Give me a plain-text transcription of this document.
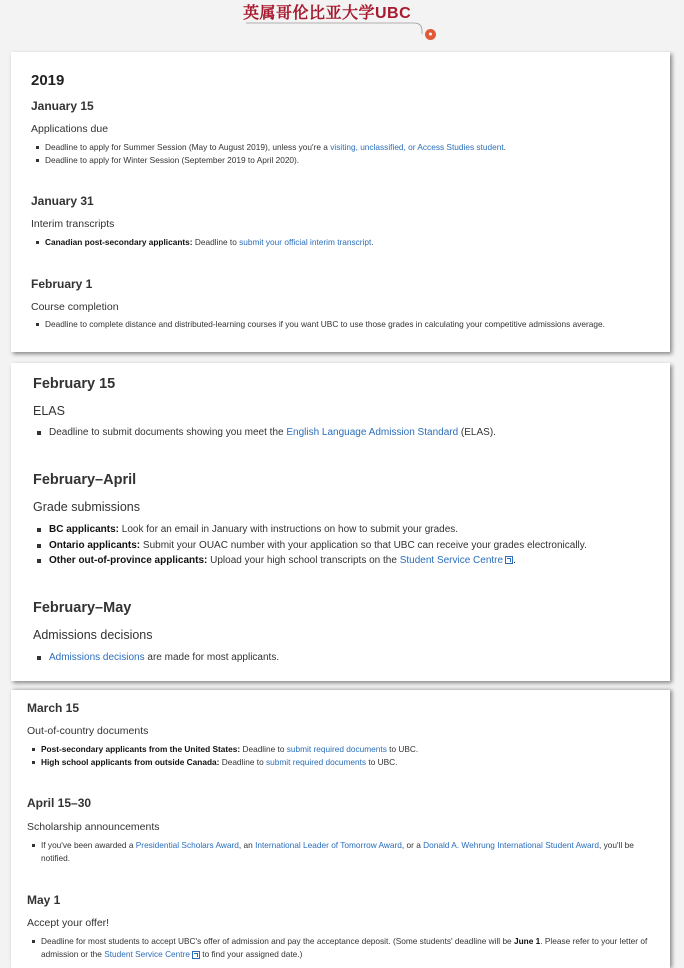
英属哥伦比亚大学UBC
●
2019
January 15
Applications due
Deadline to apply for Summer Session (May to August 2019), unless you're a visiting, unclassified, or Access Studies student.
Deadline to apply for Winter Session (September 2019 to April 2020).
January 31
Interim transcripts
Canadian post-secondary applicants: Deadline to submit your official interim transcript.
February 1
Course completion
Deadline to complete distance and distributed-learning courses if you want UBC to use those grades in calculating your competitive admissions average.
February 15
ELAS
Deadline to submit documents showing you meet the English Language Admission Standard (ELAS).
February–April
Grade submissions
BC applicants: Look for an email in January with instructions on how to submit your grades.
Ontario applicants: Submit your OUAC number with your application so that UBC can receive your grades electronically.
Other out-of-province applicants: Upload your high school transcripts on the Student Service Centre .
February–May
Admissions decisions
Admissions decisions are made for most applicants.
March 15
Out-of-country documents
Post-secondary applicants from the United States: Deadline to submit required documents to UBC.
High school applicants from outside Canada: Deadline to submit required documents to UBC.
April 15–30
Scholarship announcements
If you've been awarded a Presidential Scholars Award, an International Leader of Tomorrow Award, or a Donald A. Wehrung International Student Award, you'll be notified.
May 1
Accept your offer!
Deadline for most students to accept UBC's offer of admission and pay the acceptance deposit. (Some students' deadline will be June 1. Please refer to your letter of admission or the Student Service Centre to find your assigned date.)
